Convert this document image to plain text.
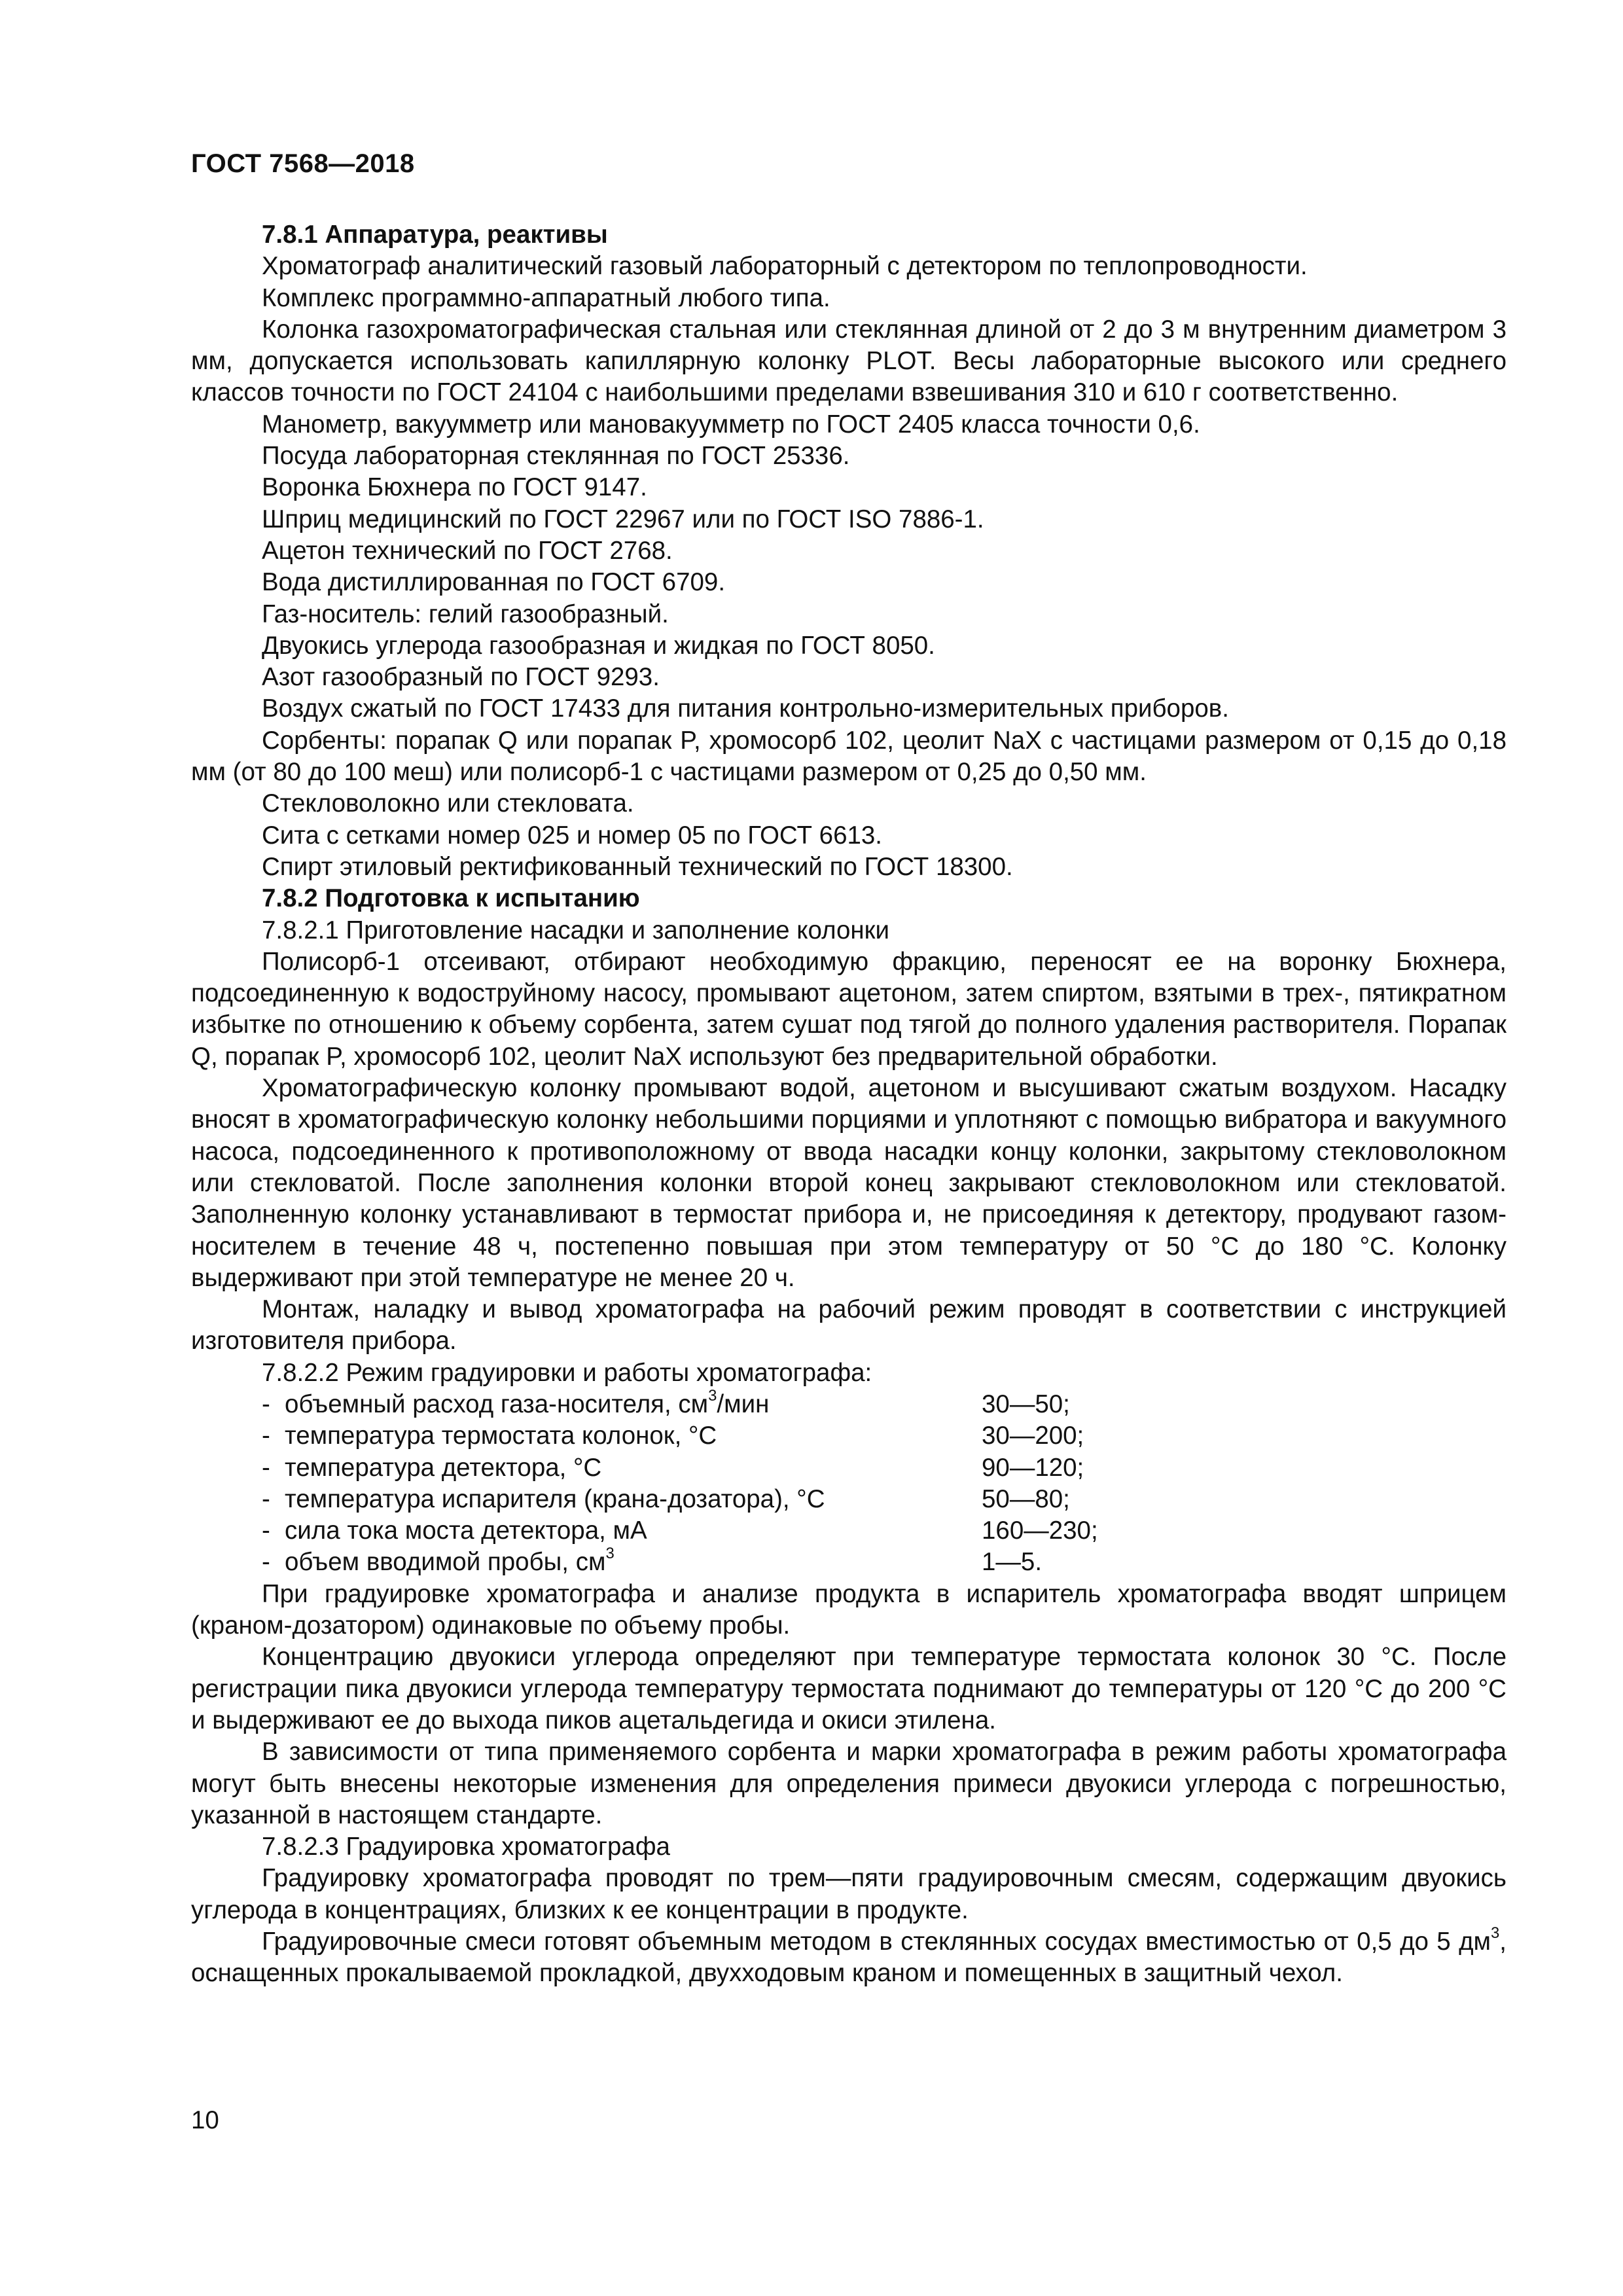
ГОСТ 7568—2018

7.8.1 Аппаратура, реактивы

Хроматограф аналитический газовый лабораторный с детектором по теплопроводности.

Комплекс программно-аппаратный любого типа.

Колонка газохроматографическая стальная или стеклянная длиной от 2 до 3 м внутренним диаметром 3 мм, допускается использовать капиллярную колонку PLOT. Весы лабораторные высокого или среднего классов точности по ГОСТ 24104 с наибольшими пределами взвешивания 310 и 610 г соответственно.

Манометр, вакуумметр или мановакуумметр по ГОСТ 2405 класса точности 0,6.

Посуда лабораторная стеклянная по ГОСТ 25336.

Воронка Бюхнера по ГОСТ 9147.

Шприц медицинский по ГОСТ 22967 или по ГОСТ ISO 7886-1.

Ацетон технический по ГОСТ 2768.

Вода дистиллированная по ГОСТ 6709.

Газ-носитель: гелий газообразный.

Двуокись углерода газообразная и жидкая по ГОСТ 8050.

Азот газообразный по ГОСТ 9293.

Воздух сжатый по ГОСТ 17433 для питания контрольно-измерительных приборов.

Сорбенты: порапак Q или порапак P, хромосорб 102, цеолит NaX с частицами размером от 0,15 до 0,18 мм (от 80 до 100 меш) или полисорб-1 с частицами размером от 0,25 до 0,50 мм.

Стекловолокно или стекловата.

Сита с сетками номер 025 и номер 05 по ГОСТ 6613.

Спирт этиловый ректификованный технический по ГОСТ 18300.

7.8.2 Подготовка к испытанию

7.8.2.1 Приготовление насадки и заполнение колонки

Полисорб-1 отсеивают, отбирают необходимую фракцию, переносят ее на воронку Бюхнера, подсоединенную к водоструйному насосу, промывают ацетоном, затем спиртом, взятыми в трех-, пятикратном избытке по отношению к объему сорбента, затем сушат под тягой до полного удаления растворителя. Порапак Q, порапак P, хромосорб 102, цеолит NaX используют без предварительной обработки.

Хроматографическую колонку промывают водой, ацетоном и высушивают сжатым воздухом. Насадку вносят в хроматографическую колонку небольшими порциями и уплотняют с помощью вибратора и вакуумного насоса, подсоединенного к противоположному от ввода насадки концу колонки, закрытому стекловолокном или стекловатой. После заполнения колонки второй конец закрывают стекловолокном или стекловатой. Заполненную колонку устанавливают в термостат прибора и, не присоединяя к детектору, продувают газом-носителем в течение 48 ч, постепенно повышая при этом температуру от 50 °С до 180 °С. Колонку выдерживают при этой температуре не менее 20 ч.

Монтаж, наладку и вывод хроматографа на рабочий режим проводят в соответствии с инструкцией изготовителя прибора.

7.8.2.2 Режим градуировки и работы хроматографа:

- объемный расход газа-носителя, $см^3$/мин	30—50;
- температура термостата колонок, °С	30—200;
- температура детектора, °С	90—120;
- температура испарителя (крана-дозатора), °С	50—80;
- сила тока моста детектора, мА	160—230;
- объем вводимой пробы, $см^3$	1—5.

При градуировке хроматографа и анализе продукта в испаритель хроматографа вводят шприцем (краном-дозатором) одинаковые по объему пробы.

Концентрацию двуокиси углерода определяют при температуре термостата колонок 30 °С. После регистрации пика двуокиси углерода температуру термостата поднимают до температуры от 120 °С до 200 °С и выдерживают ее до выхода пиков ацетальдегида и окиси этилена.

В зависимости от типа применяемого сорбента и марки хроматографа в режим работы хроматографа могут быть внесены некоторые изменения для определения примеси двуокиси углерода с погрешностью, указанной в настоящем стандарте.

7.8.2.3 Градуировка хроматографа

Градуировку хроматографа проводят по трем—пяти градуировочным смесям, содержащим двуокись углерода в концентрациях, близких к ее концентрации в продукте.

Градуировочные смеси готовят объемным методом в стеклянных сосудах вместимостью от 0,5 до 5 $дм^3$, оснащенных прокалываемой прокладкой, двухходовым краном и помещенных в защитный чехол.

10
